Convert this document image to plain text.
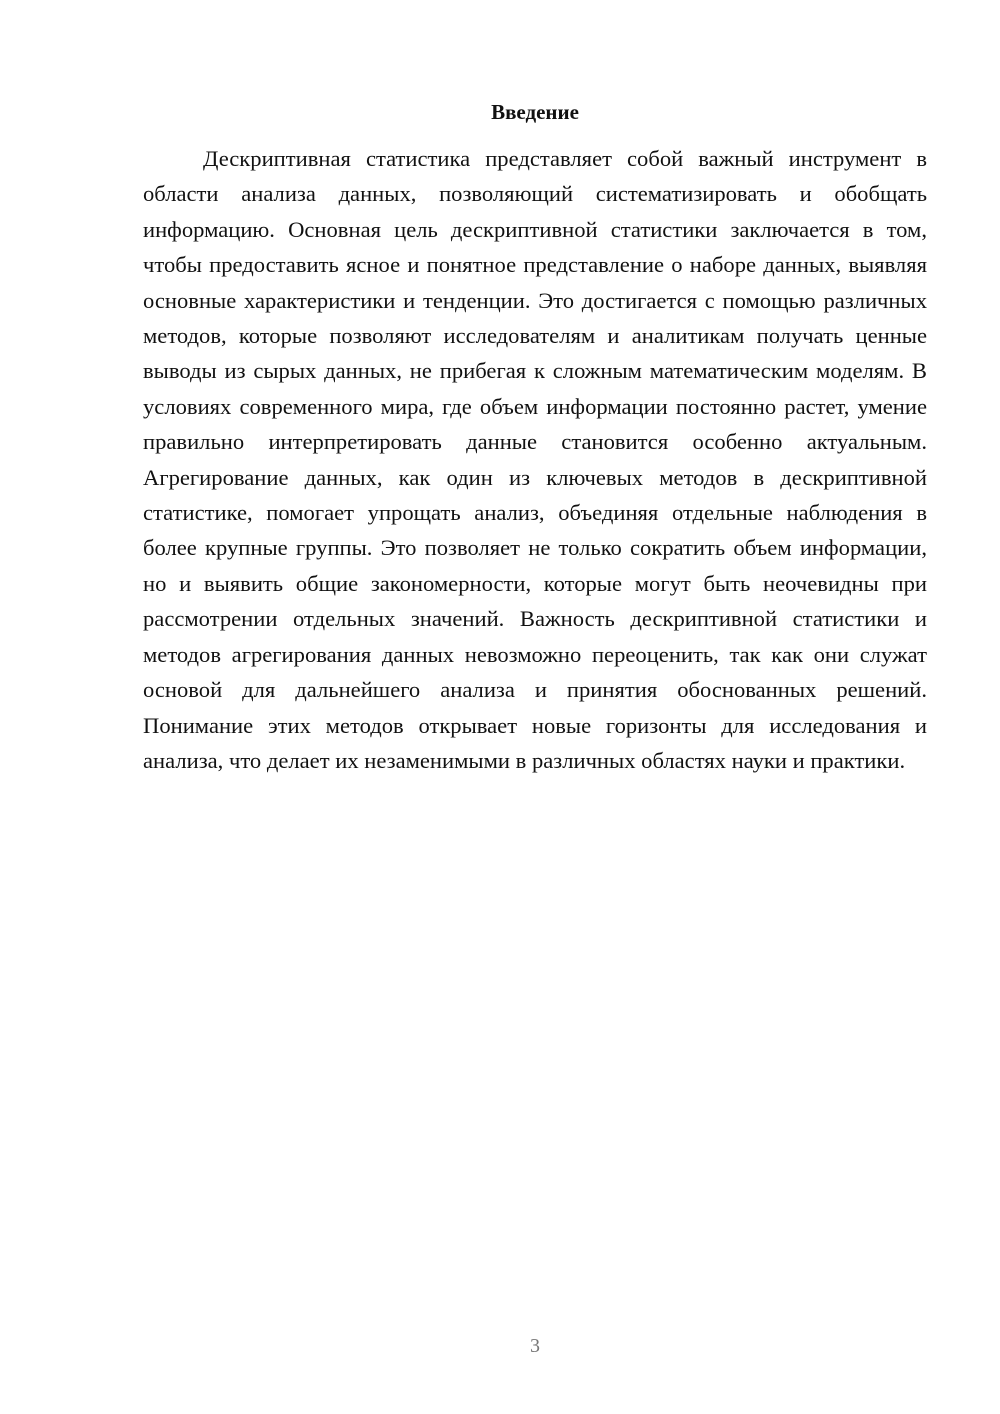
Введение

Дескриптивная статистика представляет собой важный инструмент в области анализа данных, позволяющий систематизировать и обобщать информацию. Основная цель дескриптивной статистики заключается в том, чтобы предоставить ясное и понятное представление о наборе данных, выявляя основные характеристики и тенденции. Это достигается с помощью различных методов, которые позволяют исследователям и аналитикам получать ценные выводы из сырых данных, не прибегая к сложным математическим моделям. В условиях современного мира, где объем информации постоянно растет, умение правильно интерпретировать данные становится особенно актуальным. Агрегирование данных, как один из ключевых методов в дескриптивной статистике, помогает упрощать анализ, объединяя отдельные наблюдения в более крупные группы. Это позволяет не только сократить объем информации, но и выявить общие закономерности, которые могут быть неочевидны при рассмотрении отдельных значений. Важность дескриптивной статистики и методов агрегирования данных невозможно переоценить, так как они служат основой для дальнейшего анализа и принятия обоснованных решений. Понимание этих методов открывает новые горизонты для исследования и анализа, что делает их незаменимыми в различных областях науки и практики.

3
